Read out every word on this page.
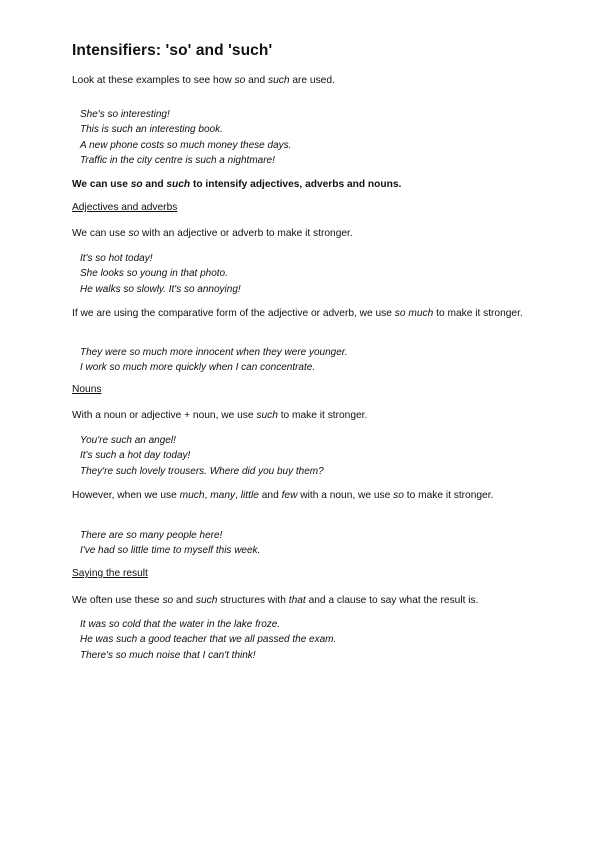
Intensifiers: 'so' and 'such'
Look at these examples to see how so and such are used.
She's so interesting!
This is such an interesting book.
A new phone costs so much money these days.
Traffic in the city centre is such a nightmare!
We can use so and such to intensify adjectives, adverbs and nouns.
Adjectives and adverbs
We can use so with an adjective or adverb to make it stronger.
It's so hot today!
She looks so young in that photo.
He walks so slowly. It's so annoying!
If we are using the comparative form of the adjective or adverb, we use so much to make it stronger.
They were so much more innocent when they were younger.
I work so much more quickly when I can concentrate.
Nouns
With a noun or adjective + noun, we use such to make it stronger.
You're such an angel!
It's such a hot day today!
They're such lovely trousers. Where did you buy them?
However, when we use much, many, little and few with a noun, we use so to make it stronger.
There are so many people here!
I've had so little time to myself this week.
Saying the result
We often use these so and such structures with that and a clause to say what the result is.
It was so cold that the water in the lake froze.
He was such a good teacher that we all passed the exam.
There's so much noise that I can't think!
